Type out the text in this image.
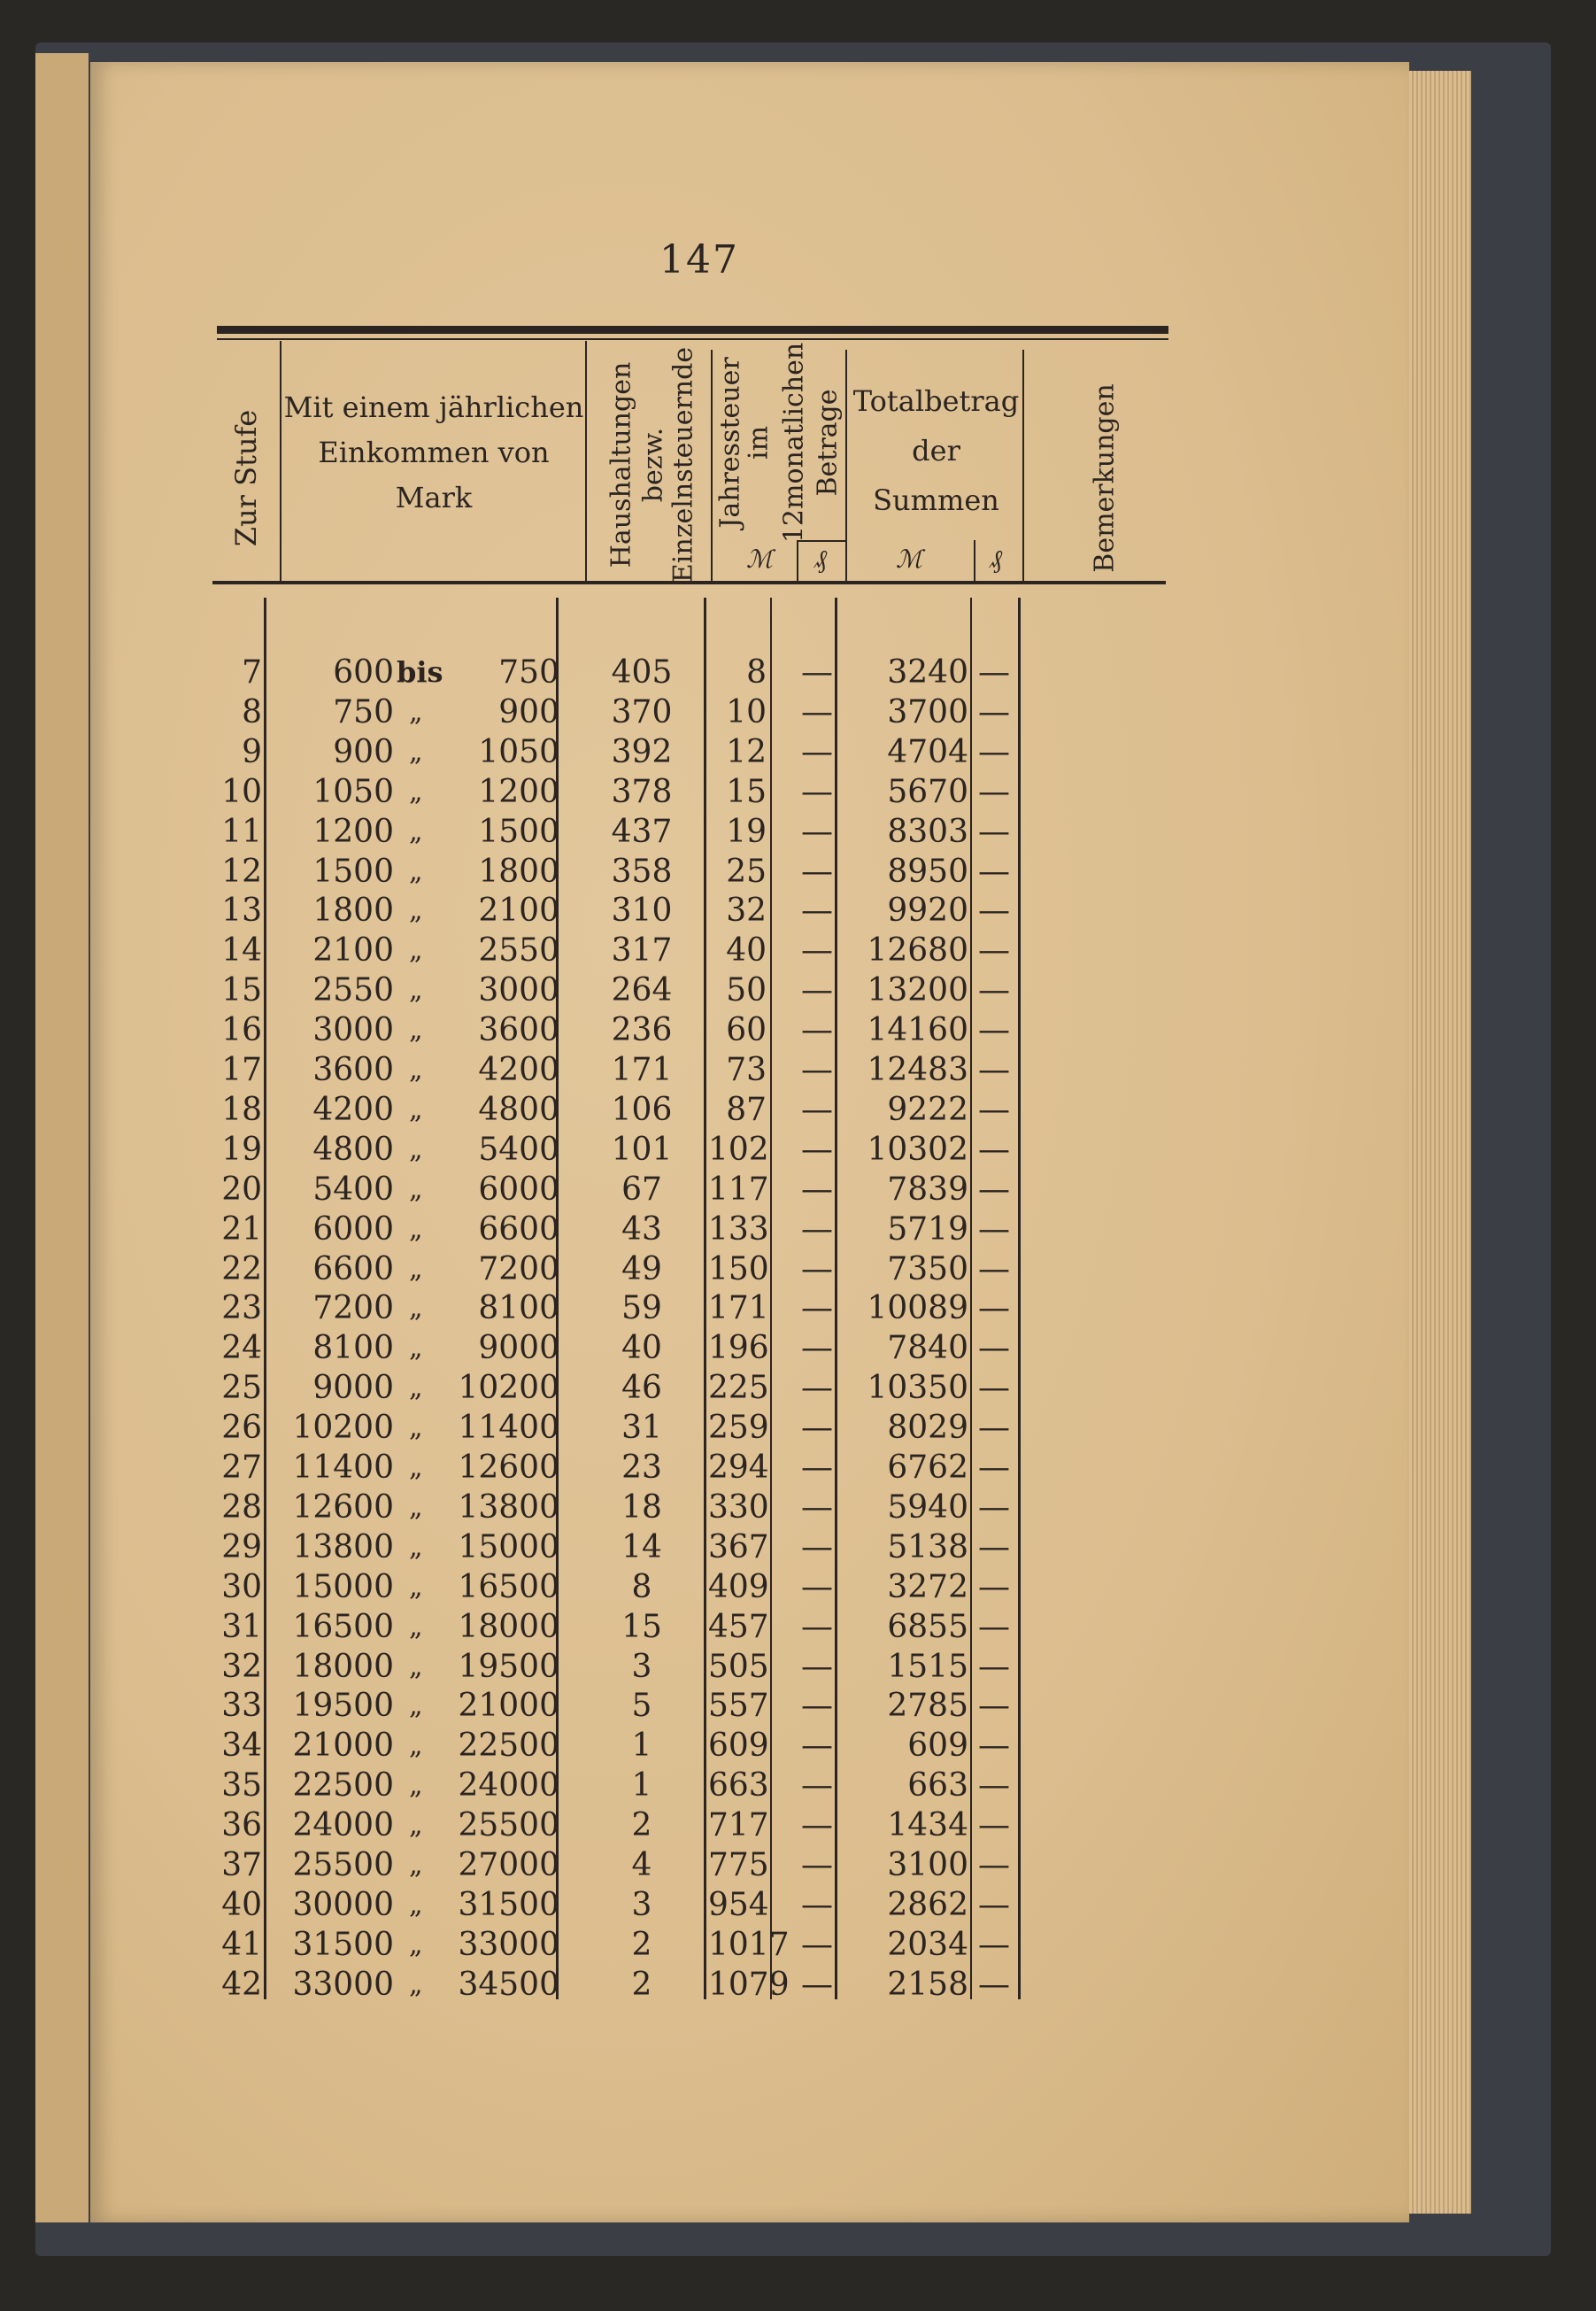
147
Zur Stufe
Mit einem jährlichen
Einkommen von
Mark	Haushaltungen bezw. Einzelnsteuernde Jahressteuer
im 12monatlichen Betrage Totalbetrag
der
Summen	Bemerkungen
ℳ ₰	ℳ	₰
7	600 bis	750	405	8 —	3240 —
8	750 „	900	370	10 —	3700 —
9	900 „	1050	392	12 —	4704 —
10	1050 „	1200	378	15 —	5670 —
11	1200 „	1500	437	19 —	8303 —
12	1500 „	1800	358	25 —	8950 —
13	1800 „	2100	310	32 —	9920 —
14	2100 „	2550	317	40 —	12680 —
15	2550 „	3000	264	50 —	13200 —
16	3000 „	3600	236	60 —	14160 —
17	3600 „	4200	171	73 —	12483 —
18	4200 „	4800	106	87 —	9222 —
19	4800 „	5400	101	102 —	10302 —
20	5400 „	6000	67	117 —	7839 —
21	6000 „	6600	43	133 —	5719 —
22	6600 „	7200	49	150 —	7350 —
23	7200 „	8100	59	171 —	10089 —
24	8100 „	9000	40	196 —	7840 —
25	9000 „	10200	46	225 —	10350 —
26 10200 „	11400	31	259 —	8029 —
27 11400 „	12600	23	294 —	6762 —
28 12600 „	13800	18	330 —	5940 —
29 13800 „	15000	14	367 —	5138 —
30 15000 „	16500	8	409 —	3272 —
31 16500 „	18000	15	457 —	6855 —
32 18000 „	19500	3	505 —	1515 —
33 19500 „	21000	5	557 —	2785 —
34 21000 „	22500	1	609 —	609 —
35 22500 „	24000	1	663 —	663 —
36 24000 „	25500	2	717 —	1434 —
37 25500 „	27000	4	775 —	3100 —
40 30000 „	31500	3	954 —	2862 —
41 31500 „	33000	2	1017 —	2034 —
42 33000 „	34500	2	1079 —	2158 —
